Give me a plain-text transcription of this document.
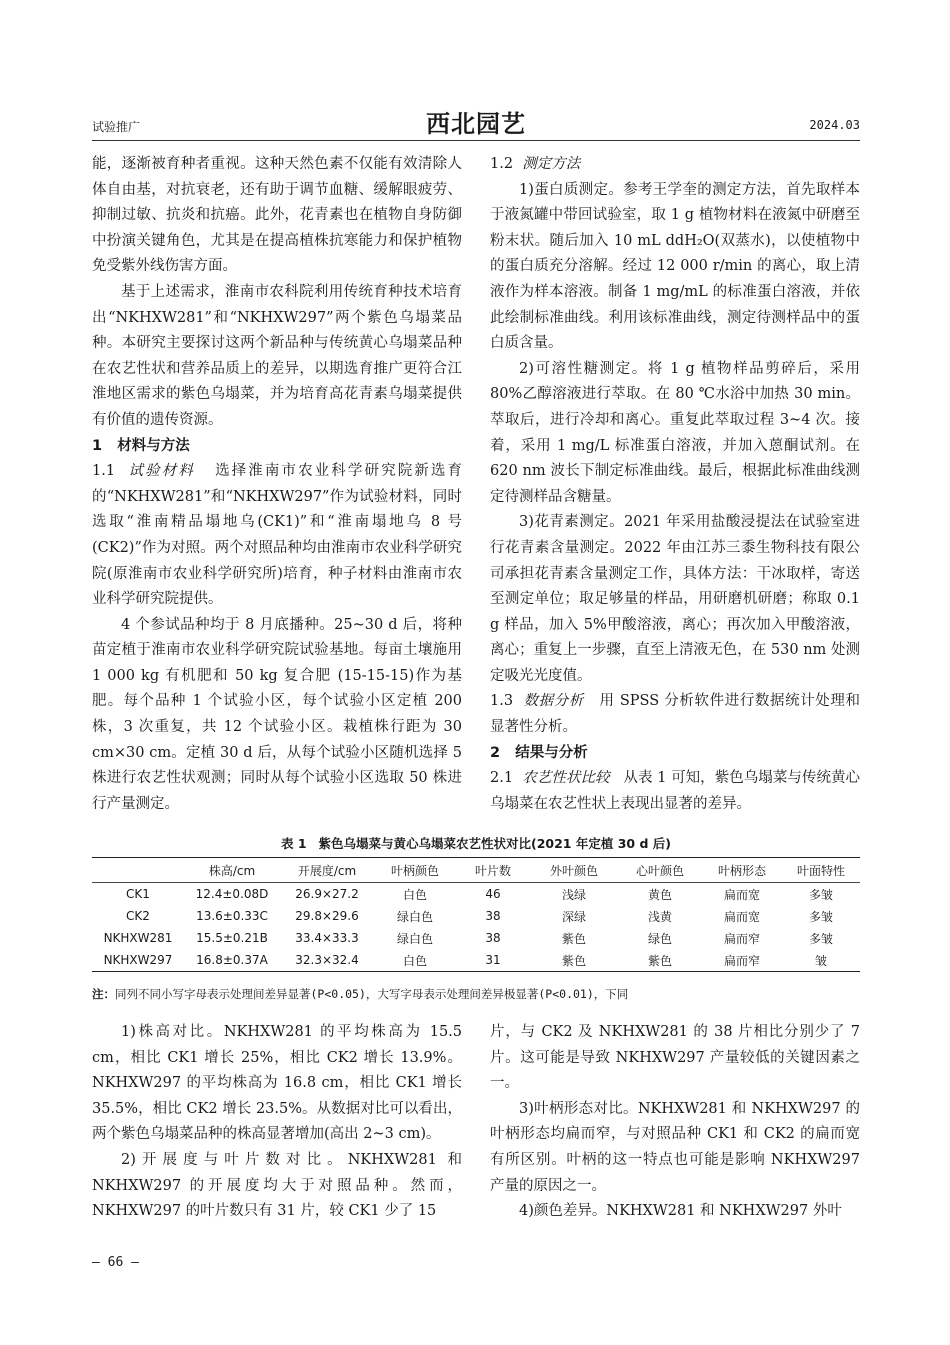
试验推广	西北园艺	2024.03

能，逐渐被育种者重视。这种天然色素不仅能有效清除人体自由基，对抗衰老，还有助于调节血糖、缓解眼疲劳、抑制过敏、抗炎和抗癌。此外，花青素也在植物自身防御中扮演关键角色，尤其是在提高植株抗寒能力和保护植物免受紫外线伤害方面。

基于上述需求，淮南市农科院利用传统育种技术培育出“NKHXW281”和“NKHXW297”两个紫色乌塌菜品种。本研究主要探讨这两个新品种与传统黄心乌塌菜品种在农艺性状和营养品质上的差异，以期选育推广更符合江淮地区需求的紫色乌塌菜，并为培育高花青素乌塌菜提供有价值的遗传资源。

1 材料与方法

1.1 试验材料 选择淮南市农业科学研究院新选育的“NKHXW281”和“NKHXW297”作为试验材料，同时选取“淮南精品塌地乌(CK1)”和“淮南塌地乌 8 号(CK2)”作为对照。两个对照品种均由淮南市农业科学研究院(原淮南市农业科学研究所)培育，种子材料由淮南市农业科学研究院提供。

4 个参试品种均于 8 月底播种。25~30 d 后，将种苗定植于淮南市农业科学研究院试验基地。每亩土壤施用 1 000 kg 有机肥和 50 kg 复合肥 (15-15-15)作为基肥。每个品种 1 个试验小区，每个试验小区定植 200 株，3 次重复，共 12 个试验小区。栽植株行距为 30 cm×30 cm。定植 30 d 后，从每个试验小区随机选择 5 株进行农艺性状观测；同时从每个试验小区选取 50 株进行产量测定。

1.2 测定方法

1)蛋白质测定。参考王学奎的测定方法，首先取样本于液氮罐中带回试验室，取 1 g 植物材料在液氮中研磨至粉末状。随后加入 10 mL ddH₂O(双蒸水)，以使植物中的蛋白质充分溶解。经过 12 000 r/min 的离心，取上清液作为样本溶液。制备 1 mg/mL 的标准蛋白溶液，并依此绘制标准曲线。利用该标准曲线，测定待测样品中的蛋白质含量。

2)可溶性糖测定。将 1 g 植物样品剪碎后，采用 80%乙醇溶液进行萃取。在 80 ℃水浴中加热 30 min。萃取后，进行冷却和离心。重复此萃取过程 3~4 次。接着，采用 1 mg/L 标准蛋白溶液，并加入蒽酮试剂。在 620 nm 波长下制定标准曲线。最后，根据此标准曲线测定待测样品含糖量。

3)花青素测定。2021 年采用盐酸浸提法在试验室进行花青素含量测定。2022 年由江苏三黍生物科技有限公司承担花青素含量测定工作，具体方法：干冰取样，寄送至测定单位；取足够量的样品，用研磨机研磨；称取 0.1 g 样品，加入 5%甲酸溶液，离心；再次加入甲酸溶液，离心；重复上一步骤，直至上清液无色，在 530 nm 处测定吸光光度值。

1.3 数据分析 用 SPSS 分析软件进行数据统计处理和显著性分析。

2 结果与分析

2.1 农艺性状比较 从表 1 可知，紫色乌塌菜与传统黄心乌塌菜在农艺性状上表现出显著的差异。

表 1 紫色乌塌菜与黄心乌塌菜农艺性状对比(2021 年定植 30 d 后)
	株高/cm	开展度/cm	叶柄颜色	叶片数	外叶颜色	心叶颜色	叶柄形态	叶面特性
CK1	12.4±0.08D	26.9×27.2	白色	46	浅绿	黄色	扁而宽	多皱
CK2	13.6±0.33C	29.8×29.6	绿白色	38	深绿	浅黄	扁而宽	多皱
NKHXW281	15.5±0.21B	33.4×33.3	绿白色	38	紫色	绿色	扁而窄	多皱
NKHXW297	16.8±0.37A	32.3×32.4	白色	31	紫色	紫色	扁而窄	皱
注：同列不同小写字母表示处理间差异显著(P<0.05)，大写字母表示处理间差异极显著(P<0.01)，下同

1)株高对比。NKHXW281 的平均株高为 15.5 cm，相比 CK1 增长 25%，相比 CK2 增长 13.9%。NKHXW297 的平均株高为 16.8 cm，相比 CK1 增长 35.5%，相比 CK2 增长 23.5%。从数据对比可以看出，两个紫色乌塌菜品种的株高显著增加(高出 2~3 cm)。

2)开展度与叶片数对比。NKHXW281 和 NKHXW297 的开展度均大于对照品种。然而，NKHXW297 的叶片数只有 31 片，较 CK1 少了 15

片，与 CK2 及 NKHXW281 的 38 片相比分别少了 7 片。这可能是导致 NKHXW297 产量较低的关键因素之一。

3)叶柄形态对比。NKHXW281 和 NKHXW297 的叶柄形态均扁而窄，与对照品种 CK1 和 CK2 的扁而宽有所区别。叶柄的这一特点也可能是影响 NKHXW297 产量的原因之一。

4)颜色差异。NKHXW281 和 NKHXW297 外叶

— 66 —
